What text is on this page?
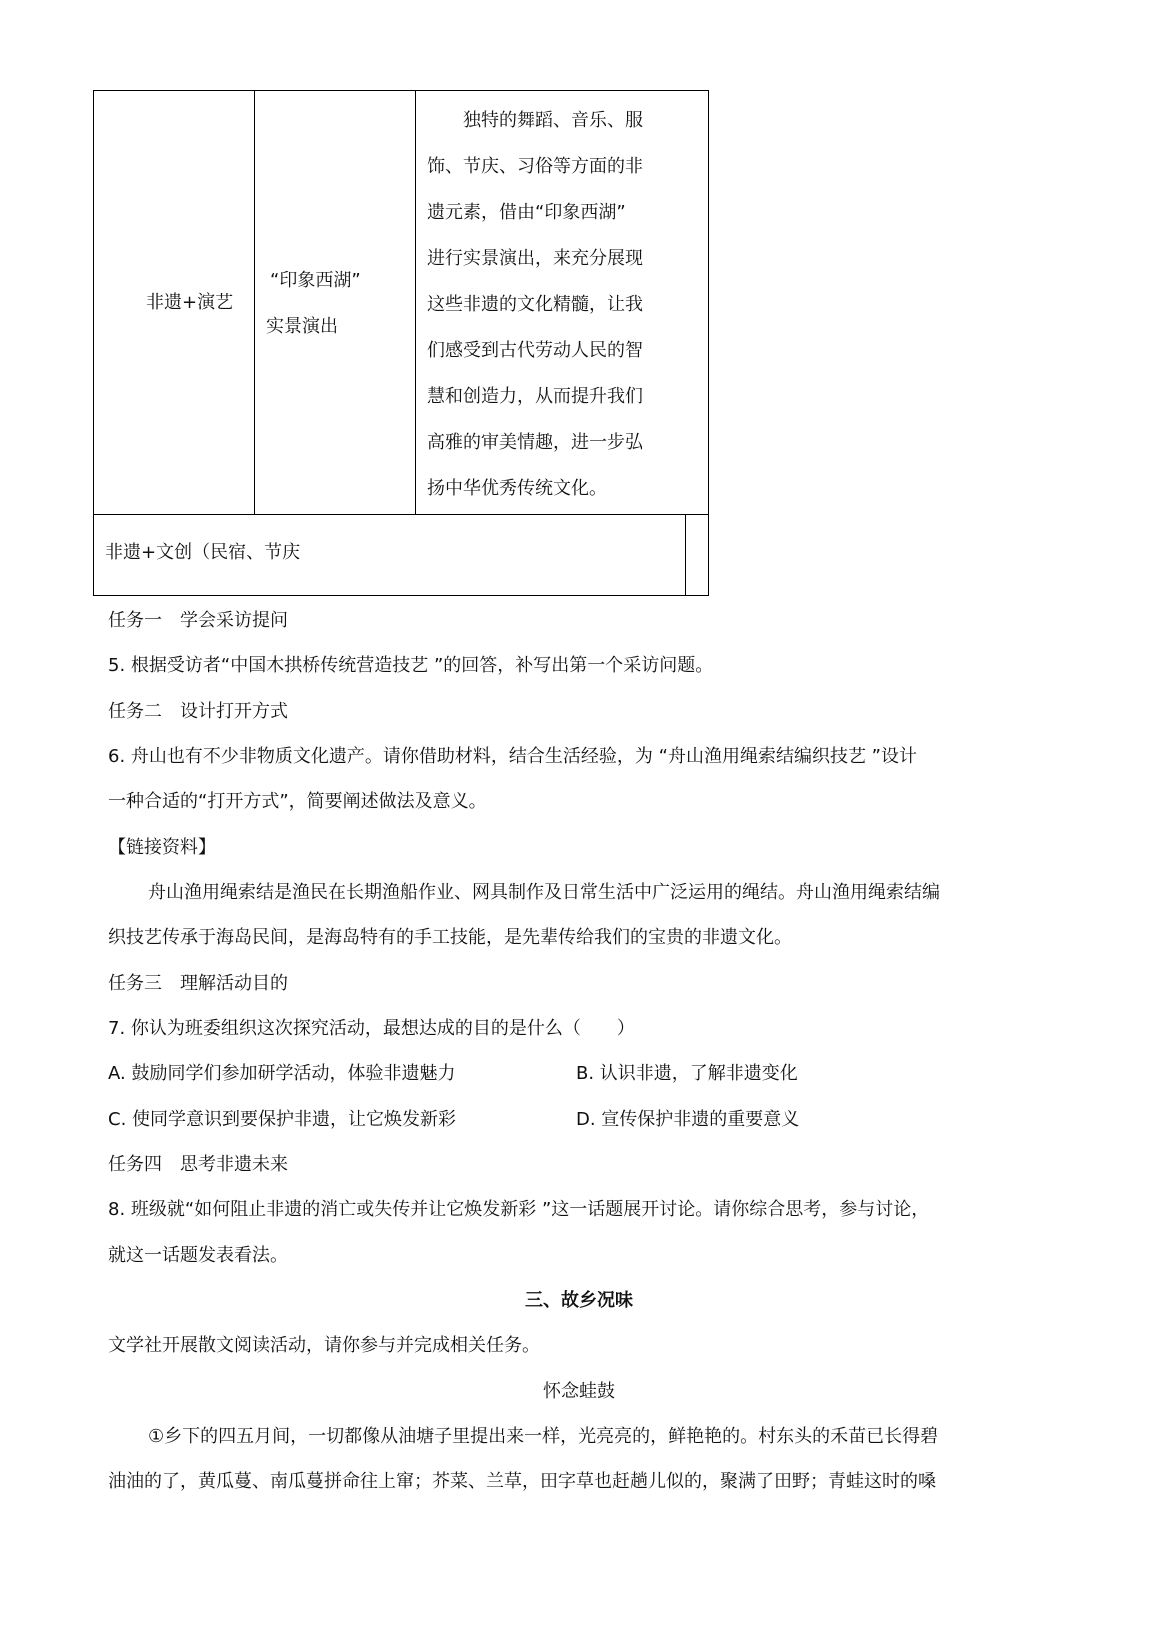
非遗+演艺
“印象西湖”
实景演出

独特的舞蹈、音乐、服

饰、节庆、习俗等方面的非

遗元素，借由“印象西湖”

进行实景演出，来充分展现

这些非遗的文化精髓，让我

们感受到古代劳动人民的智

慧和创造力，从而提升我们

高雅的审美情趣，进一步弘

扬中华优秀传统文化。

非遗+文创（民宿、节庆
任务一　学会采访提问
5. 根据受访者“中国木拱桥传统营造技艺 ”的回答，补写出第一个采访问题。
任务二　设计打开方式
6. 舟山也有不少非物质文化遗产。请你借助材料，结合生活经验，为 “舟山渔用绳索结编织技艺 ”设计
一种合适的“打开方式”，简要阐述做法及意义。
【链接资料】
舟山渔用绳索结是渔民在长期渔船作业、网具制作及日常生活中广泛运用的绳结。舟山渔用绳索结编
织技艺传承于海岛民间，是海岛特有的手工技能，是先辈传给我们的宝贵的非遗文化。
任务三　理解活动目的
7. 你认为班委组织这次探究活动，最想达成的目的是什么（　　）
A. 鼓励同学们参加研学活动，体验非遗魅力	B. 认识非遗，了解非遗变化
C. 使同学意识到要保护非遗，让它焕发新彩	D. 宣传保护非遗的重要意义
任务四　思考非遗未来
8. 班级就“如何阻止非遗的消亡或失传并让它焕发新彩 ”这一话题展开讨论。请你综合思考，参与讨论，
就这一话题发表看法。
三、故乡况味
文学社开展散文阅读活动，请你参与并完成相关任务。
怀念蛙鼓
①乡下的四五月间，一切都像从油塘子里提出来一样，光亮亮的，鲜艳艳的。村东头的禾苗已长得碧
油油的了，黄瓜蔓、南瓜蔓拼命往上窜；芥菜、兰草，田字草也赶趟儿似的，聚满了田野；青蛙这时的嗓
